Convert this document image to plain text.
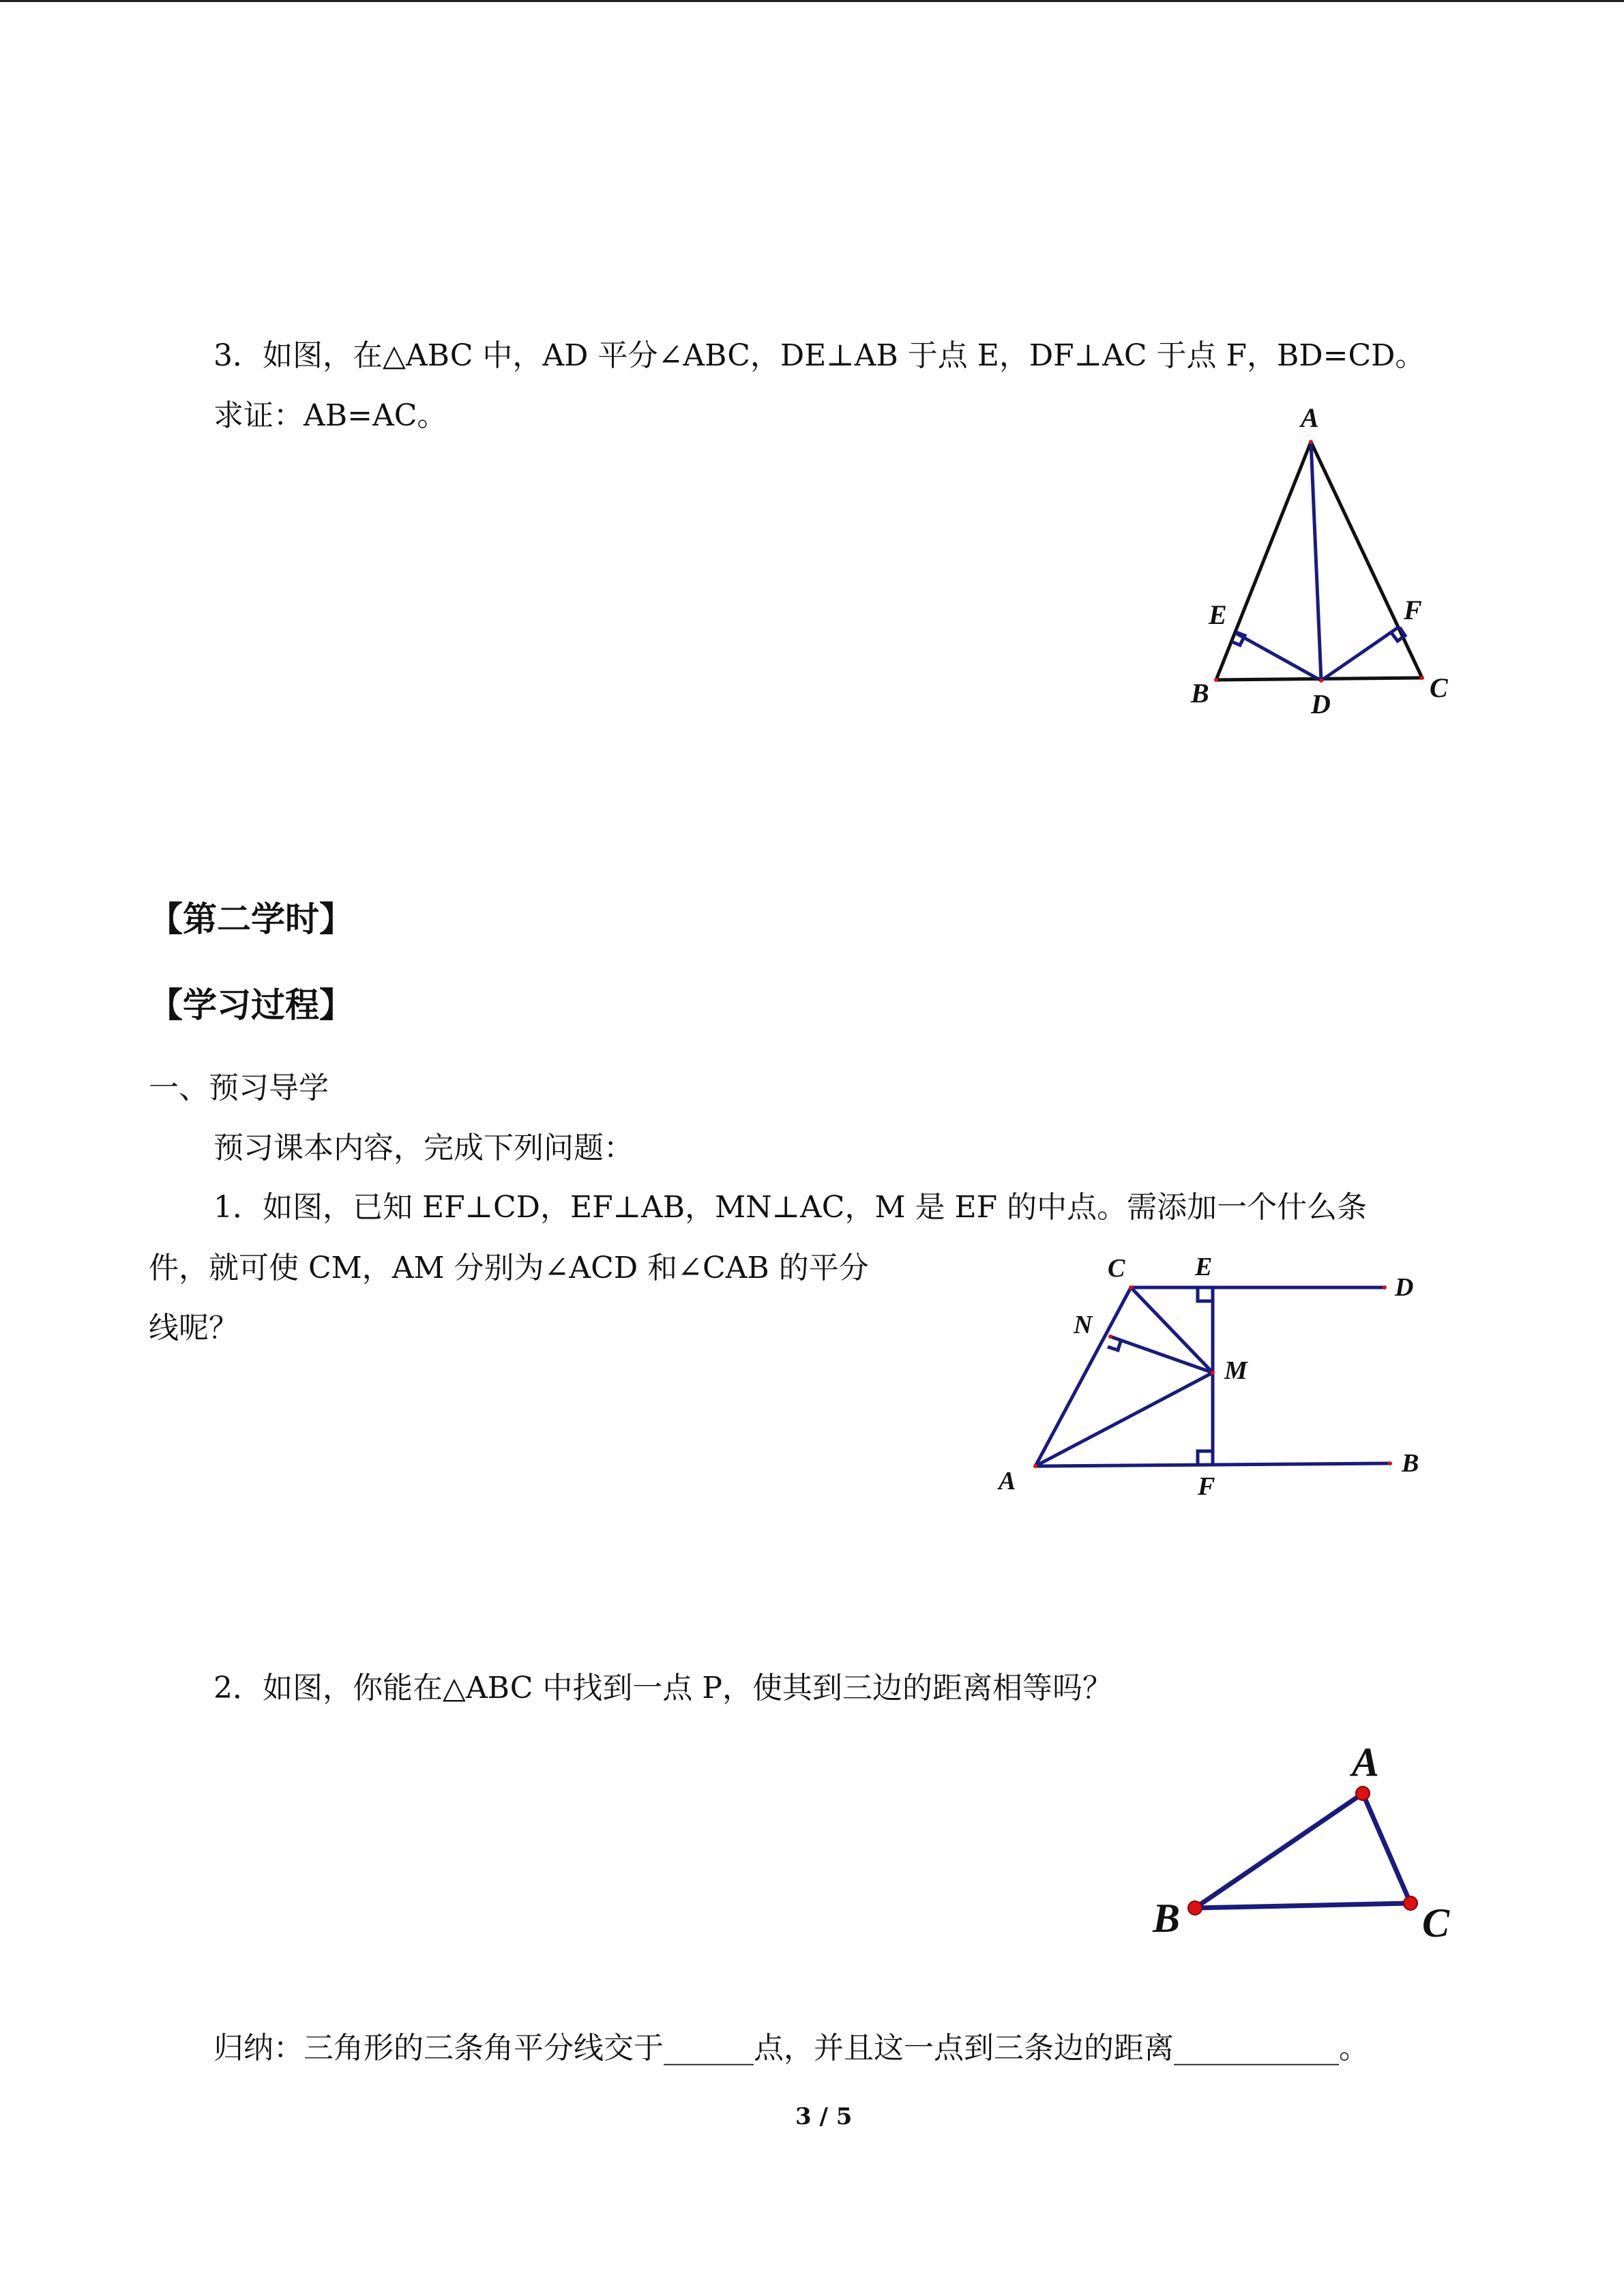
3．如图，在△ABC 中，AD 平分∠ABC，DE⊥AB 于点 E，DF⊥AC 于点 F，BD=CD。
求证：AB=AC。	A
B	C
D
E	F
【第二学时】
【学习过程】
一、预习导学
预习课本内容，完成下列问题：
1．如图，已知 EF⊥CD，EF⊥AB，MN⊥AC，M 是 EF 的中点。需添加一个什么条
件，就可使 CM，AM 分别为∠ACD 和∠CAB 的平分
线呢？
C	E
D
N
M
A	F
B
2．如图，你能在△ABC 中找到一点 P，使其到三边的距离相等吗？
A
B	C
归纳：三角形的三条角平分线交于______点，并且这一点到三条边的距离___________。
3 / 5
